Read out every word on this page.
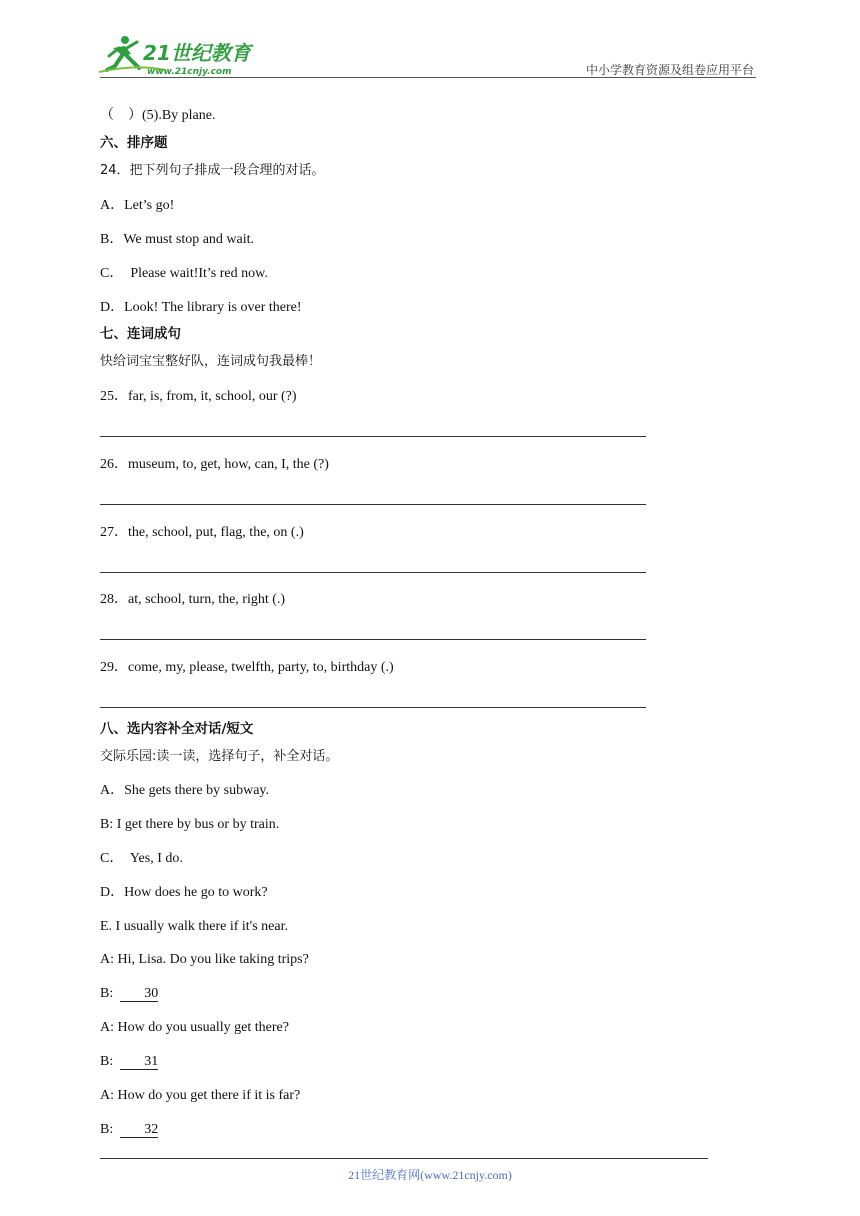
21世纪教育
www.21cnjy.com	中小学教育资源及组卷应用平台
（　）(5).By plane.
六、排序题
24．把下列句子排成一段合理的对话。
A．Let’s go!
B．We must stop and wait.
C．  Please wait!It’s red now.
D．Look! The library is over there!
七、连词成句
快给词宝宝整好队，连词成句我最棒！
25．far, is, from, it, school, our (?)
26．museum, to, get, how, can, I, the (?)
27．the, school, put, flag, the, on (.)
28．at, school, turn, the, right (.)
29．come, my, please, twelfth, party, to, birthday (.)
八、选内容补全对话/短文
交际乐园:读一读，选择句子，补全对话。
A．She gets there by subway.
B: I get there by bus or by train.
C．  Yes, I do.
D．How does he go to work?
E. I usually walk there if it's near.
A: Hi, Lisa. Do you like taking trips?
B:  30
A: How do you usually get there?
B:  31
A: How do you get there if it is far?
B:  32
21世纪教育网(www.21cnjy.com)
